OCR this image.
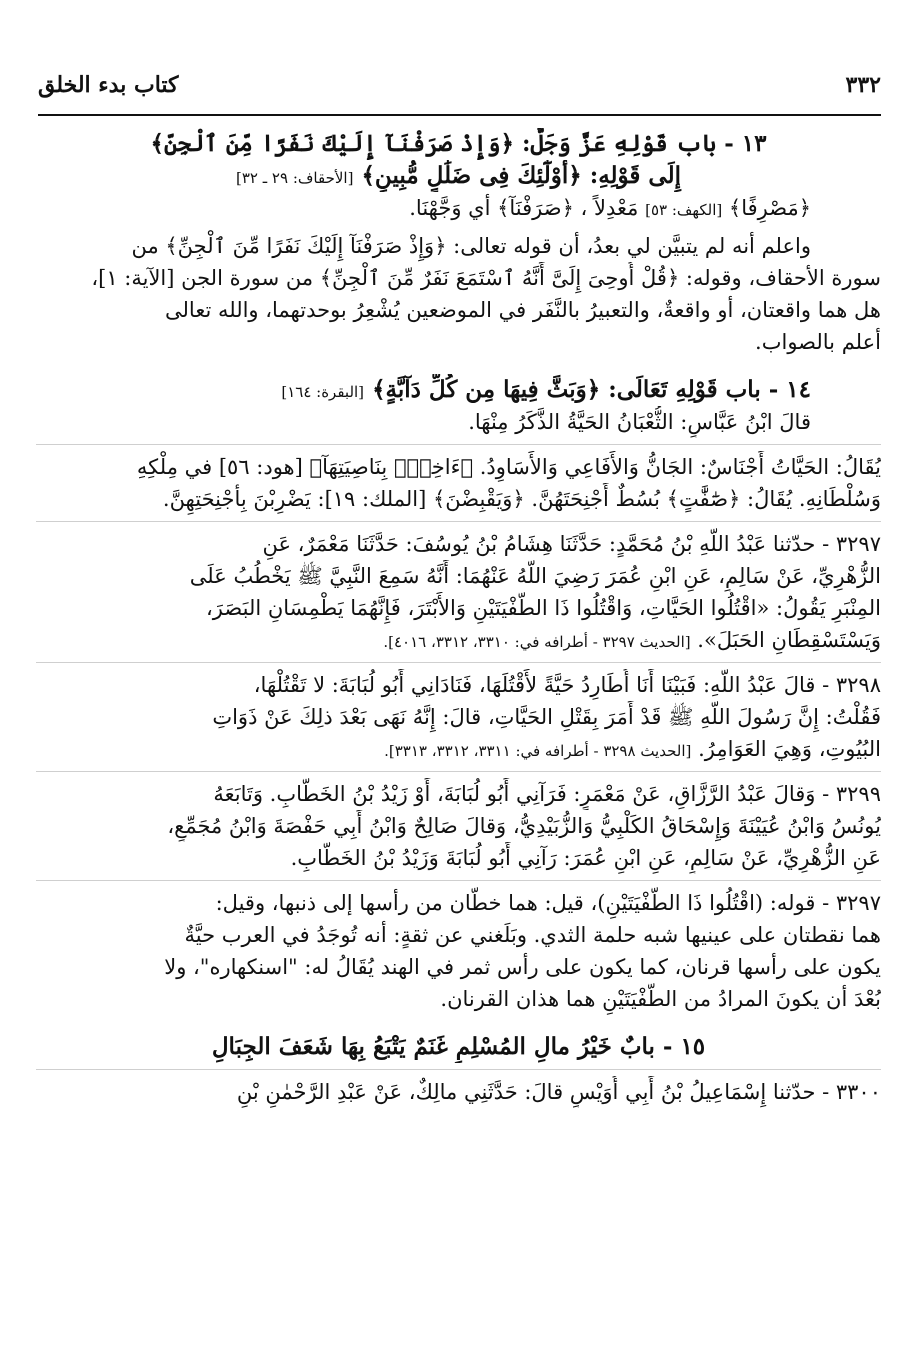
٣٣٢
كتاب بدء الخلق
١٣ - باب قَوْلِهِ عَزَّ وَجَلَّ: ﴿وَإِذْ صَرَفْنَآ إِلَيْكَ نَفَرًا مِّنَ ٱلْجِنِّ﴾
إِلَى قَوْلِهِ: ﴿أُوْلَٰٓئِكَ فِى ضَلَٰلٍ مُّبِينٍ﴾ [الأحقاف: ٢٩ ـ ٣٢]
﴿مَصْرِفًا﴾ [الكهف: ٥٣] مَعْدِلاً ، ﴿صَرَفْنَآ﴾ أي وَجَّهْنَا.
واعلم أنه لم يتبيَّن لي بعدُ، أن قوله تعالى: ﴿وَإِذْ صَرَفْنَآ إِلَيْكَ نَفَرًا مِّنَ ٱلْجِنِّ﴾ من
سورة الأحقاف، وقوله: ﴿قُلْ أُوحِىَ إِلَىَّ أَنَّهُ ٱسْتَمَعَ نَفَرٌ مِّنَ ٱلْجِنِّ﴾ من سورة الجن [الآية: ١]،
هل هما واقعتان، أو واقعةٌ، والتعبيرُ بالنَّفَر في الموضعين يُشْعِرُ بوحدتهما، والله تعالى
أعلم بالصواب.
١٤ - باب قَوْلِهِ تَعَالَى: ﴿وَبَثَّ فِيهَا مِن كُلِّ دَآبَّةٍ﴾ [البقرة: ١٦٤]
قالَ ابْنُ عَبَّاسٍ: الثُّعْبَانُ الحَيَّةُ الذَّكَرُ مِنْهَا.
يُقَالُ: الحَيَّاتُ أَجْنَاسٌ: الجَانُّ وَالأَفَاعِي وَالأَسَاوِدُ. ﴿ءَاخِذُۢ بِنَاصِيَتِهَآ﴾ [هود: ٥٦] في مِلْكِهِ
وَسُلْطَانِهِ. يُقَالُ: ﴿صَٰٓفَّٰتٍ﴾ بُسُطٌ أَجْنِحَتَهُنَّ. ﴿وَيَقْبِضْنَ﴾ [الملك: ١٩]: يَضْرِبْنَ بِأَجْنِحَتِهِنَّ.
٣٢٩٧ - حدّثنا عَبْدُ اللَّهِ بْنُ مُحَمَّدٍ: حَدَّثَنَا هِشَامُ بْنُ يُوسُفَ: حَدَّثَنَا مَعْمَرٌ، عَنِ
الزُّهْرِيِّ، عَنْ سَالِمٍ، عَنِ ابْنِ عُمَرَ رَضِيَ اللَّهُ عَنْهُمَا: أَنَّهُ سَمِعَ النَّبِيَّ ﷺ يَخْطُبُ عَلَى
المِنْبَرِ يَقُولُ: «اقْتُلُوا الحَيَّاتِ، وَاقْتُلُوا ذَا الطُّفْيَتَيْنِ وَالأَبْتَرَ، فَإِنَّهُمَا يَطْمِسَانِ البَصَرَ،
وَيَسْتَسْقِطَانِ الحَبَلَ». [الحديث ٣٢٩٧ - أطرافه في: ٣٣١٠، ٣٣١٢، ٤٠١٦].
٣٢٩٨ - قالَ عَبْدُ اللَّهِ: فَبَيْنَا أَنَا أُطَارِدُ حَيَّةً لأَقْتُلَهَا، فَنَادَانِي أَبُو لُبَابَةَ: لا تَقْتُلْهَا،
فَقُلْتُ: إِنَّ رَسُولَ اللَّهِ ﷺ قَدْ أَمَرَ بِقَتْلِ الحَيَّاتِ، قالَ: إِنَّهُ نَهَى بَعْدَ ذلِكَ عَنْ ذَوَاتِ
البُيُوتِ، وَهِيَ العَوَامِرُ. [الحديث ٣٢٩٨ - أطرافه في: ٣٣١١، ٣٣١٢، ٣٣١٣].
٣٢٩٩ - وَقالَ عَبْدُ الرَّزَّاقِ، عَنْ مَعْمَرٍ: فَرَآنِي أَبُو لُبَابَةَ، أَوْ زَيْدُ بْنُ الخَطَّابِ. وَتَابَعَهُ
يُونُسُ وَابْنُ عُيَيْنَةَ وَإِسْحَاقُ الكَلْبِيُّ وَالزُّبَيْدِيُّ، وَقالَ صَالِحٌ وَابْنُ أَبِي حَفْصَةَ وَابْنُ مُجَمِّعٍ،
عَنِ الزُّهْرِيِّ، عَنْ سَالِمٍ، عَنِ ابْنِ عُمَرَ: رَآنِي أَبُو لُبَابَةَ وَزَيْدُ بْنُ الخَطَّابِ.
٣٢٩٧ - قوله: (اقْتُلُوا ذَا الطُّفْيَتَيْنِ)، قيل: هما خطّان من رأسها إلى ذنبها، وقيل:
هما نقطتان على عينيها شبه حلمة الثدي. وبَلَغني عن ثقةٍ: أنه تُوجَدُ في العرب حيَّةٌ
يكون على رأسها قرنان، كما يكون على رأس ثمر في الهند يُقَالُ له: "اسنكهاره"، ولا
بُعْدَ أن يكونَ المرادُ من الطُّفْيَتَيْنِ هما هذان القرنان.
١٥ - بابٌ خَيْرُ مالِ المُسْلِمِ غَنَمٌ يَتْبَعُ بِهَا شَعَفَ الجِبَالِ
٣٣٠٠ - حدّثنا إِسْمَاعِيلُ بْنُ أَبِي أُوَيْسٍ قالَ: حَدَّثَنِي مالِكٌ، عَنْ عَبْدِ الرَّحْمٰنِ بْنِ
